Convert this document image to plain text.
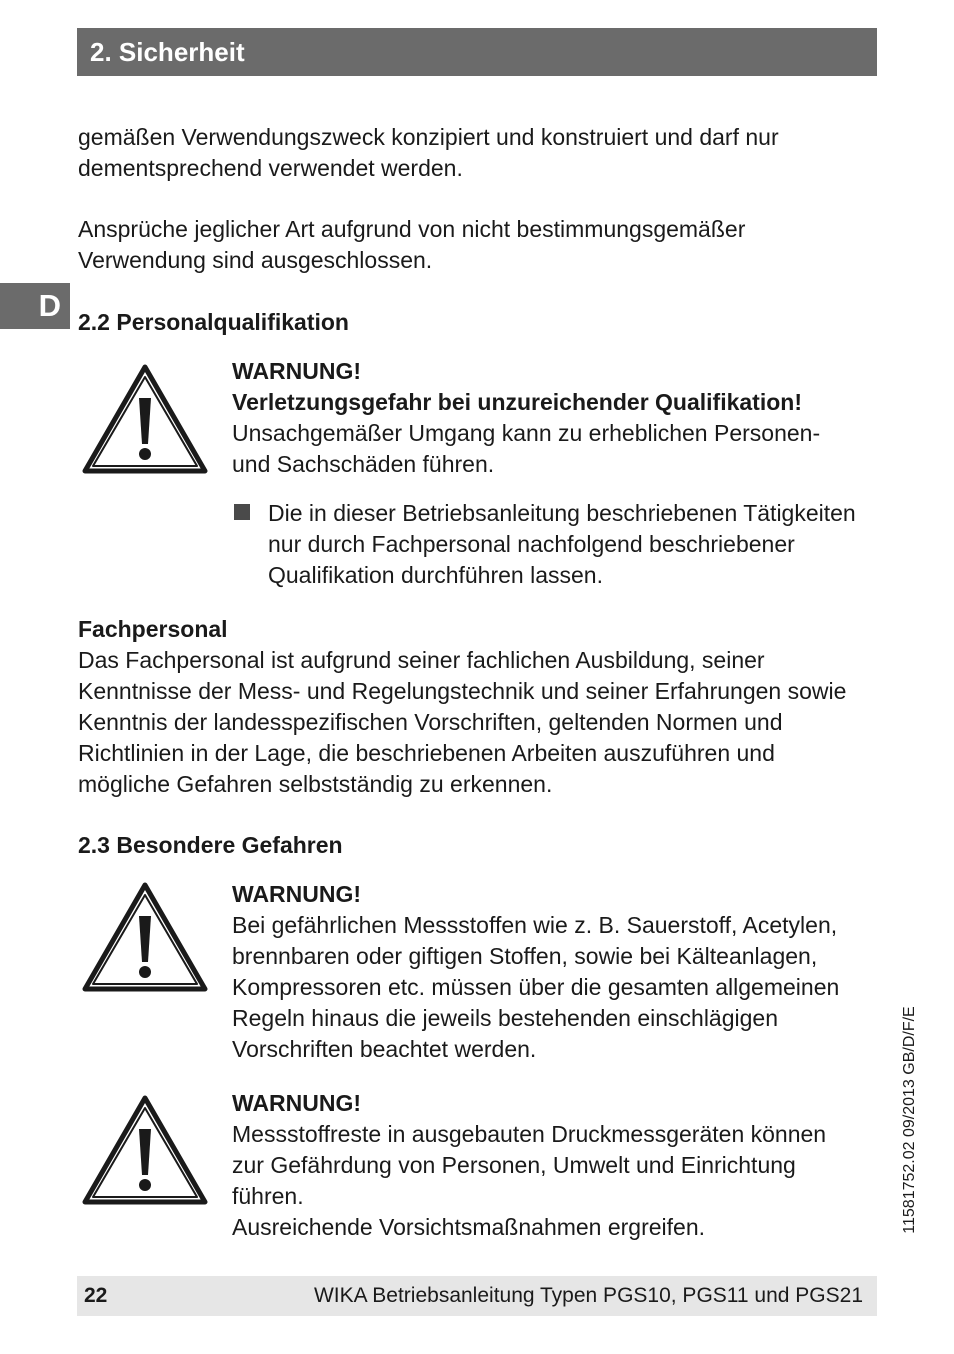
2. Sicherheit
D

gemäßen Verwendungszweck konzipiert und konstruiert und darf nur dementsprechend verwendet werden.

Ansprüche jeglicher Art aufgrund von nicht bestimmungsgemäßer Verwendung sind ausgeschlossen.

2.2 Personalqualifikation
WARNUNG!
Verletzungsgefahr bei unzureichender Qualifikation!
Unsachgemäßer Umgang kann zu erheblichen Personen- und Sachschäden führen.

Die in dieser Betriebsanleitung beschriebenen Tätigkeiten nur durch Fachpersonal nachfolgend beschriebener Qualifikation durchführen lassen.

Fachpersonal

Das Fachpersonal ist aufgrund seiner fachlichen Ausbildung, seiner Kenntnisse der Mess- und Regelungstechnik und seiner Erfahrungen sowie Kenntnis der landesspezifischen Vorschriften, geltenden Normen und Richtlinien in der Lage, die beschriebenen Arbeiten auszuführen und mögliche Gefahren selbstständig zu erkennen.

2.3 Besondere Gefahren
WARNUNG!
Bei gefährlichen Messstoffen wie z. B. Sauerstoff, Acetylen, brennbaren oder giftigen Stoffen, sowie bei Kälteanlagen, Kompressoren etc. müssen über die gesamten allgemeinen Regeln hinaus die jeweils bestehenden einschlägigen Vorschriften beachtet werden.
WARNUNG!
Messstoffreste in ausgebauten Druckmessgeräten können zur Gefährdung von Personen, Umwelt und Einrichtung führen.
Ausreichende Vorsichtsmaßnahmen ergreifen.	11581752.02 09/2013 GB/D/F/E
22	WIKA Betriebsanleitung Typen PGS10, PGS11 und PGS21
